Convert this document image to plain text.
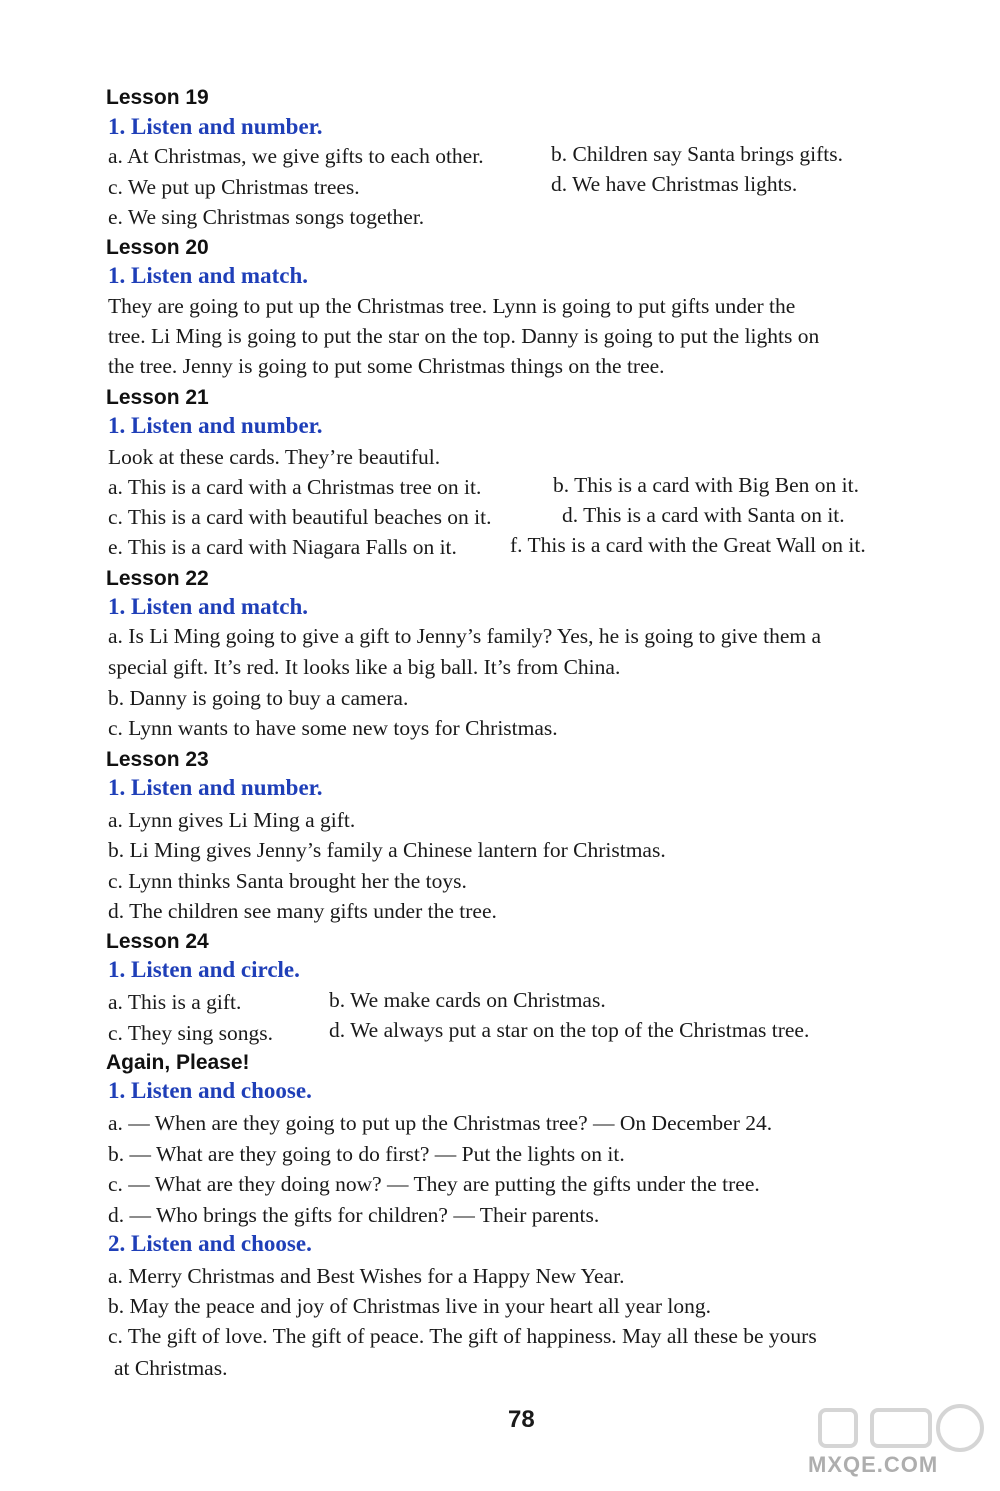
Lesson 19
1. Listen and number.
a. At Christmas, we give gifts to each other.	b. Children say Santa brings gifts.
c. We put up Christmas trees.	d. We have Christmas lights.
e. We sing Christmas songs together.
Lesson 20
1. Listen and match.
They are going to put up the Christmas tree. Lynn is going to put gifts under the
tree. Li Ming is going to put the star on the top. Danny is going to put the lights on
the tree. Jenny is going to put some Christmas things on the tree.
Lesson 21
1. Listen and number.
Look at these cards. They’re beautiful.
a. This is a card with a Christmas tree on it.	b. This is a card with Big Ben on it.
c. This is a card with beautiful beaches on it.	d. This is a card with Santa on it.
e. This is a card with Niagara Falls on it. f. This is a card with the Great Wall on it.
Lesson 22
1. Listen and match.
a. Is Li Ming going to give a gift to Jenny’s family? Yes, he is going to give them a
special gift. It’s red. It looks like a big ball. It’s from China.
b. Danny is going to buy a camera.
c. Lynn wants to have some new toys for Christmas.
Lesson 23
1. Listen and number.
a. Lynn gives Li Ming a gift.
b. Li Ming gives Jenny’s family a Chinese lantern for Christmas.
c. Lynn thinks Santa brought her the toys.
d. The children see many gifts under the tree.
Lesson 24
1. Listen and circle.
a. This is a gift.	b. We make cards on Christmas.
c. They sing songs.	d. We always put a star on the top of the Christmas tree.
Again, Please!
1. Listen and choose.
a. — When are they going to put up the Christmas tree? — On December 24.
b. — What are they going to do first? — Put the lights on it.
c. — What are they doing now? — They are putting the gifts under the tree.
d. — Who brings the gifts for children? — Their parents.
2. Listen and choose.
a. Merry Christmas and Best Wishes for a Happy New Year.
b. May the peace and joy of Christmas live in your heart all year long.
c. The gift of love. The gift of peace. The gift of happiness. May all these be yours
at Christmas.
78
MXQE.COM
